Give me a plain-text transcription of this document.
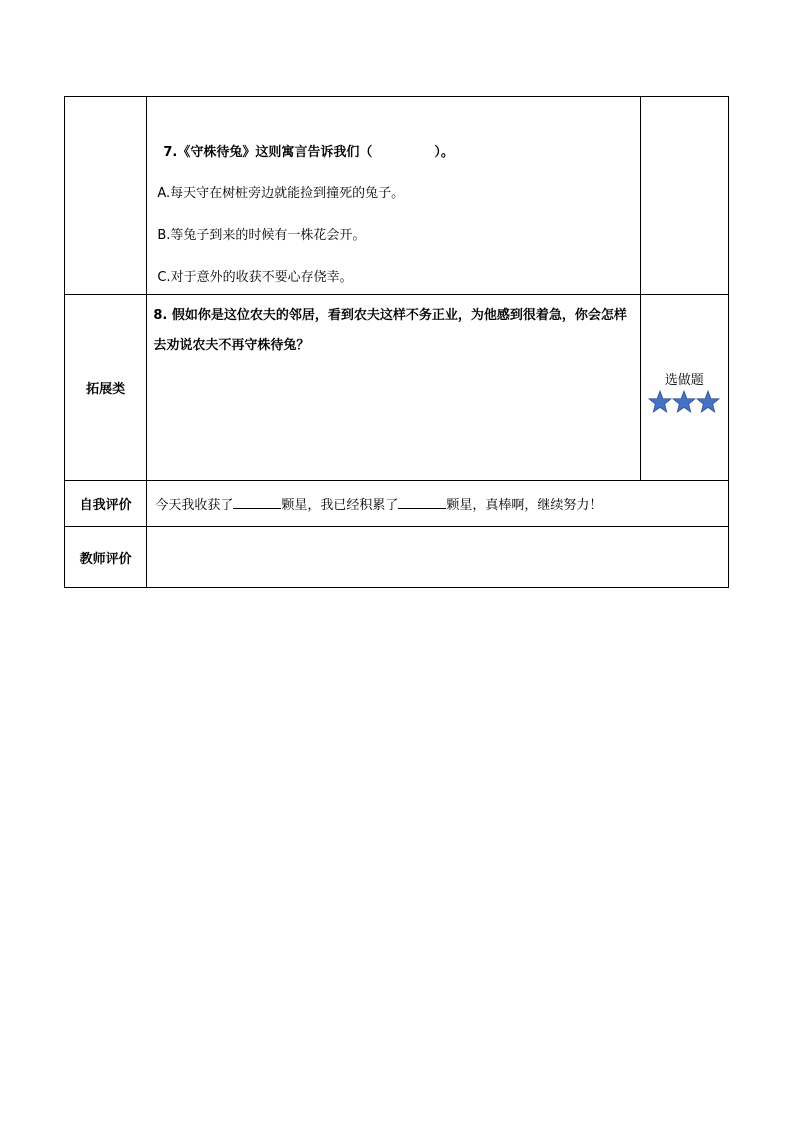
	7.《守株待兔》这则寓言告诉我们（ ）。
A.每天守在树桩旁边就能捡到撞死的兔子。
B.等兔子到来的时候有一株花会开。
C.对于意外的收获不要心存侥幸。	

拓展类	8. 假如你是这位农夫的邻居，看到农夫这样不务正业，为他感到很着急，你会怎样去劝说农夫不再守株待兔？	选做题

自我评价	今天我收获了 颗星，我已经积累了 颗星，真棒啊，继续努力！	
教师评价		
